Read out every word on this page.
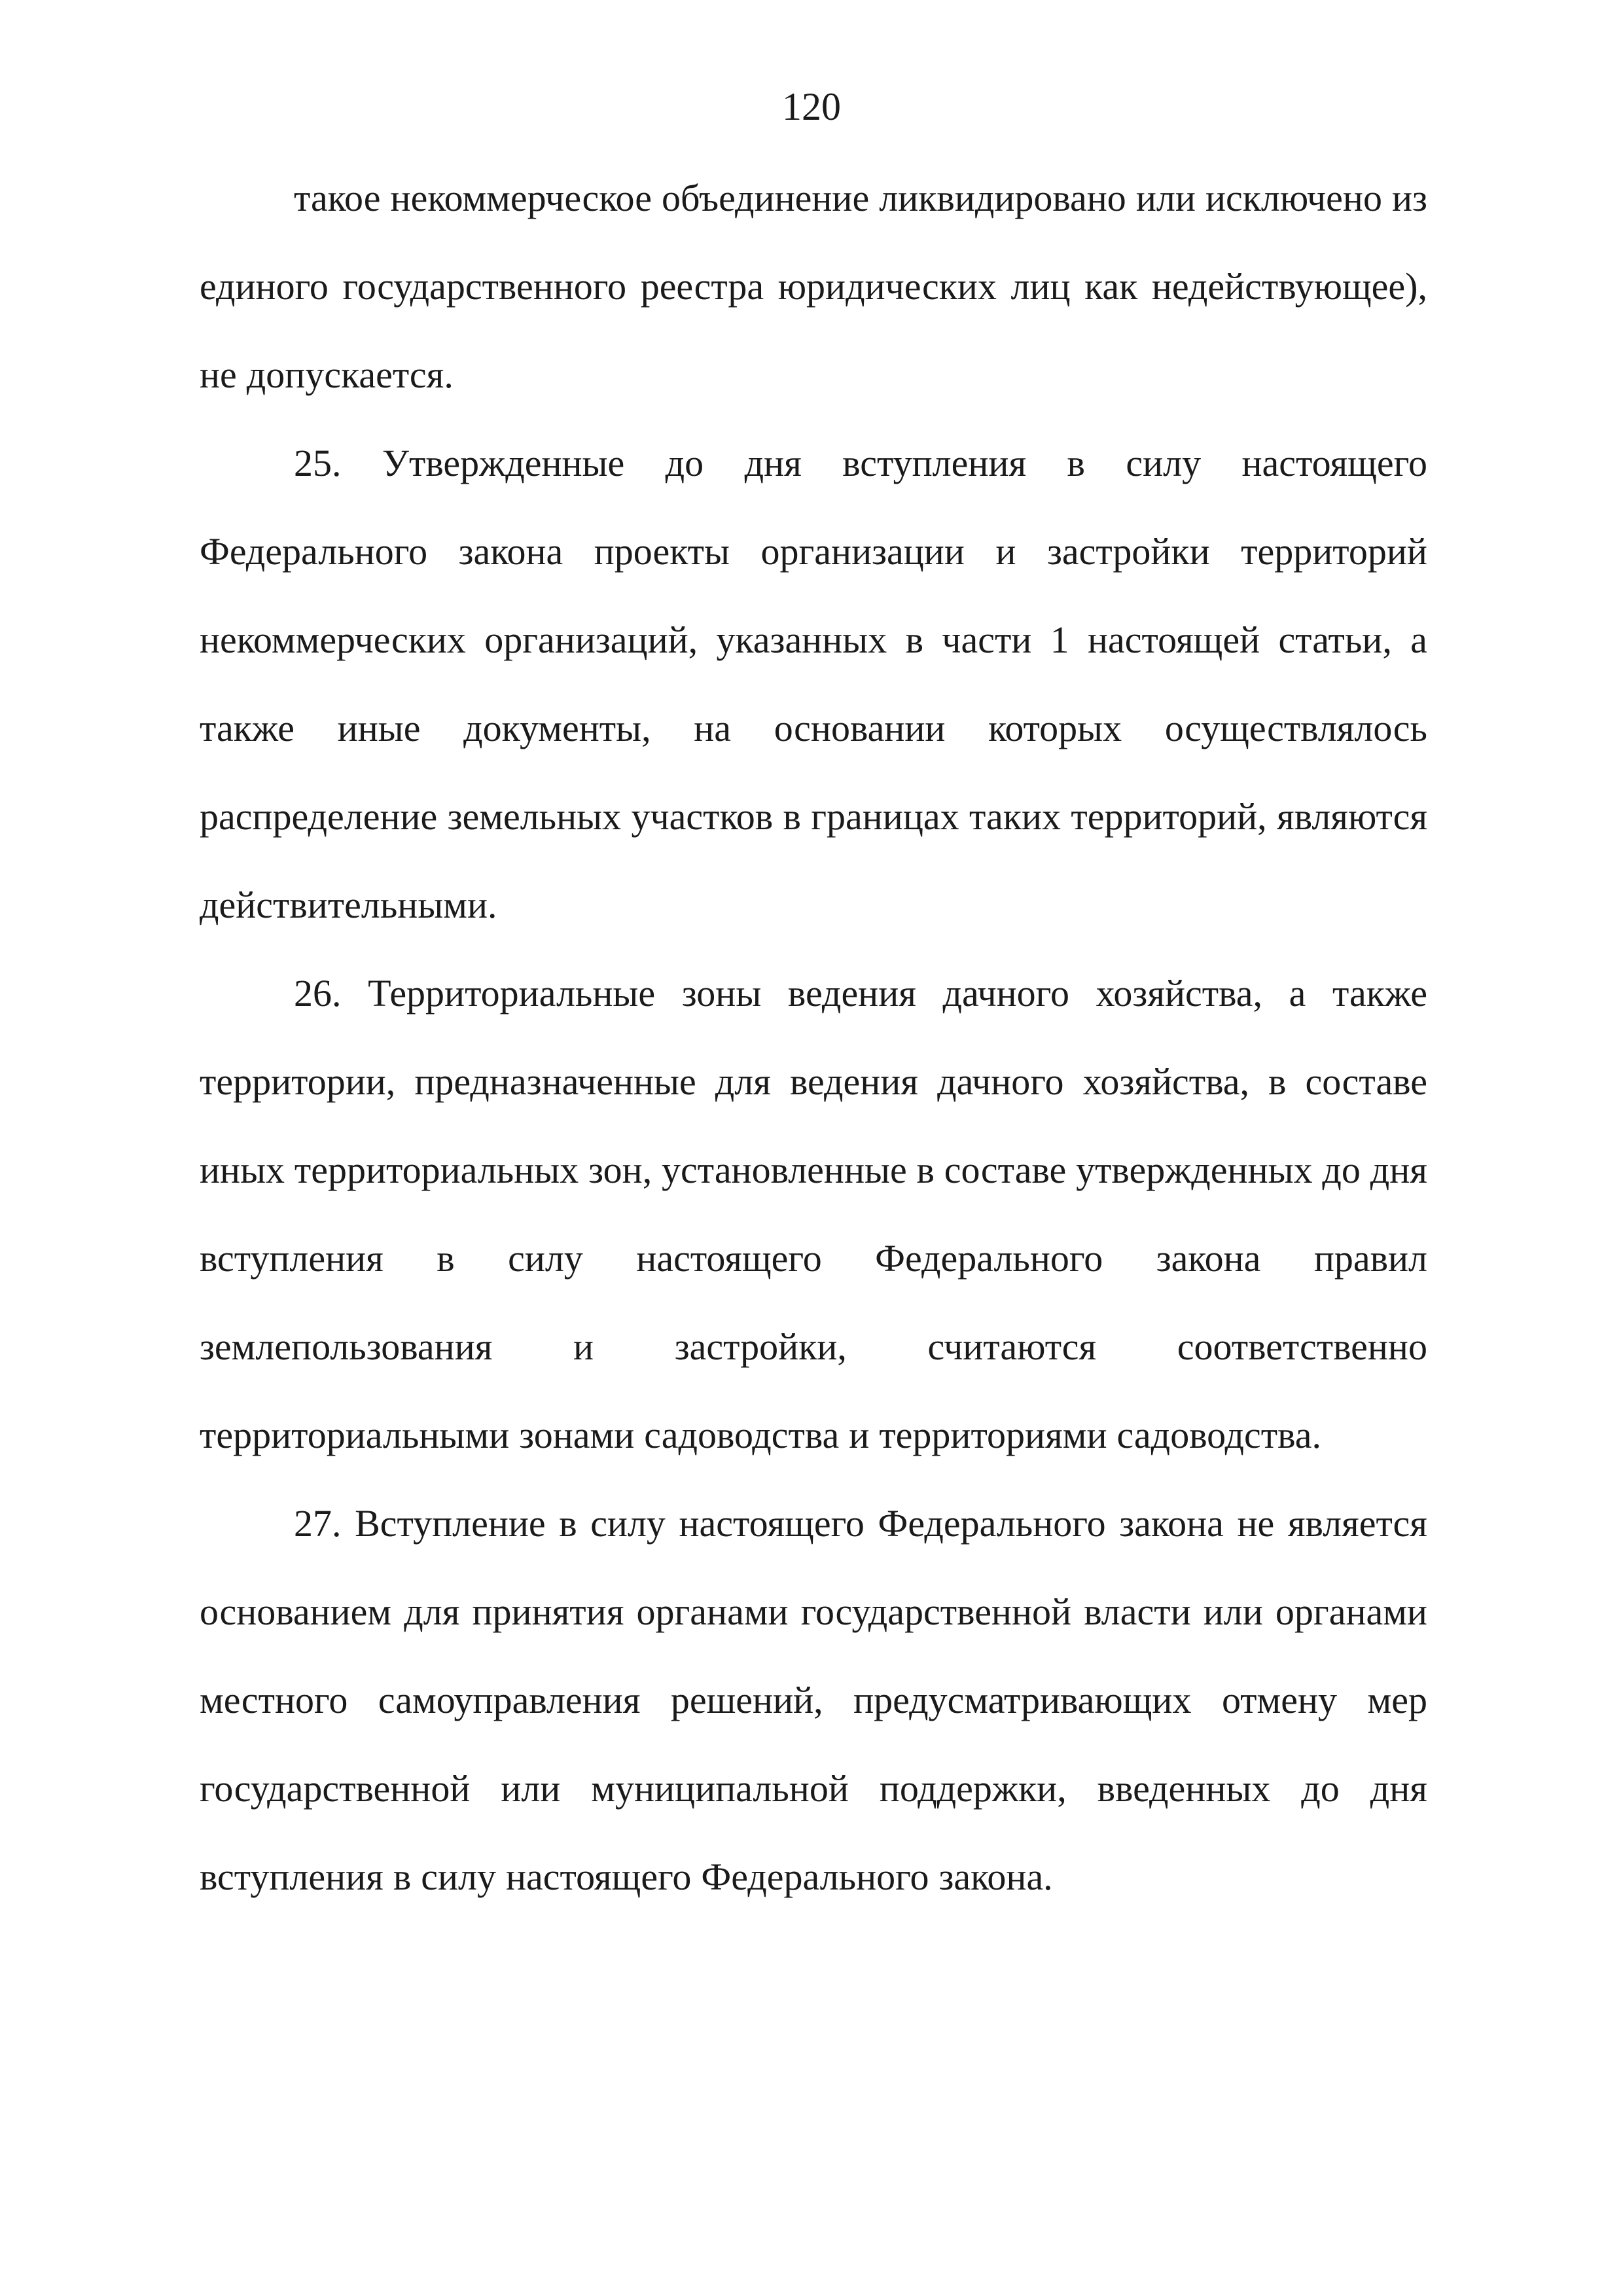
120
такое некоммерческое объединение ликвидировано или исключено из
единого государственного реестра юридических лиц как недействующее),
не допускается.
25. Утвержденные до дня вступления в силу настоящего
Федерального закона проекты организации и застройки территорий
некоммерческих организаций, указанных в части 1 настоящей статьи, а
также иные документы, на основании которых осуществлялось
распределение земельных участков в границах таких территорий, являются
действительными.
26. Территориальные зоны ведения дачного хозяйства, а также
территории, предназначенные для ведения дачного хозяйства, в составе
иных территориальных зон, установленные в составе утвержденных до дня
вступления в силу настоящего Федерального закона правил
землепользования и застройки, считаются соответственно
территориальными зонами садоводства и территориями садоводства.
27. Вступление в силу настоящего Федерального закона не является
основанием для принятия органами государственной власти или органами
местного самоуправления решений, предусматривающих отмену мер
государственной или муниципальной поддержки, введенных до дня
вступления в силу настоящего Федерального закона.
